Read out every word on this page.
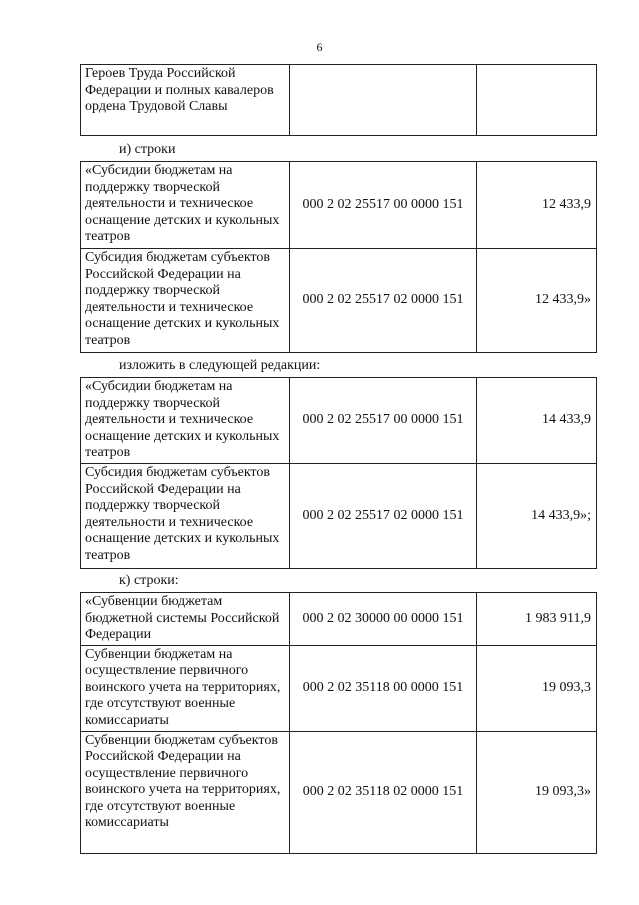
6
Героев Труда Российской Федерации и полных кавалеров ордена Трудовой Славы		
и) строки
«Субсидии бюджетам на поддержку творческой деятельности и техническое оснащение детских и кукольных театров	000 2 02 25517 00 0000 151	12 433,9
Субсидия бюджетам субъектов Российской Федерации на поддержку творческой деятельности и техническое оснащение детских и кукольных театров	000 2 02 25517 02 0000 151	12 433,9»
изложить в следующей редакции:
«Субсидии бюджетам на поддержку творческой деятельности и техническое оснащение детских и кукольных театров	000 2 02 25517 00 0000 151	14 433,9
Субсидия бюджетам субъектов Российской Федерации на поддержку творческой деятельности и техническое оснащение детских и кукольных театров	000 2 02 25517 02 0000 151	14 433,9»;
к) строки:
«Субвенции бюджетам бюджетной системы Российской Федерации	000 2 02 30000 00 0000 151	1 983 911,9
Субвенции бюджетам на осуществление первичного воинского учета на территориях, где отсутствуют военные комиссариаты	000 2 02 35118 00 0000 151	19 093,3
Субвенции бюджетам субъектов Российской Федерации на осуществление первичного воинского учета на территориях, где отсутствуют военные комиссариаты	000 2 02 35118 02 0000 151	19 093,3»
